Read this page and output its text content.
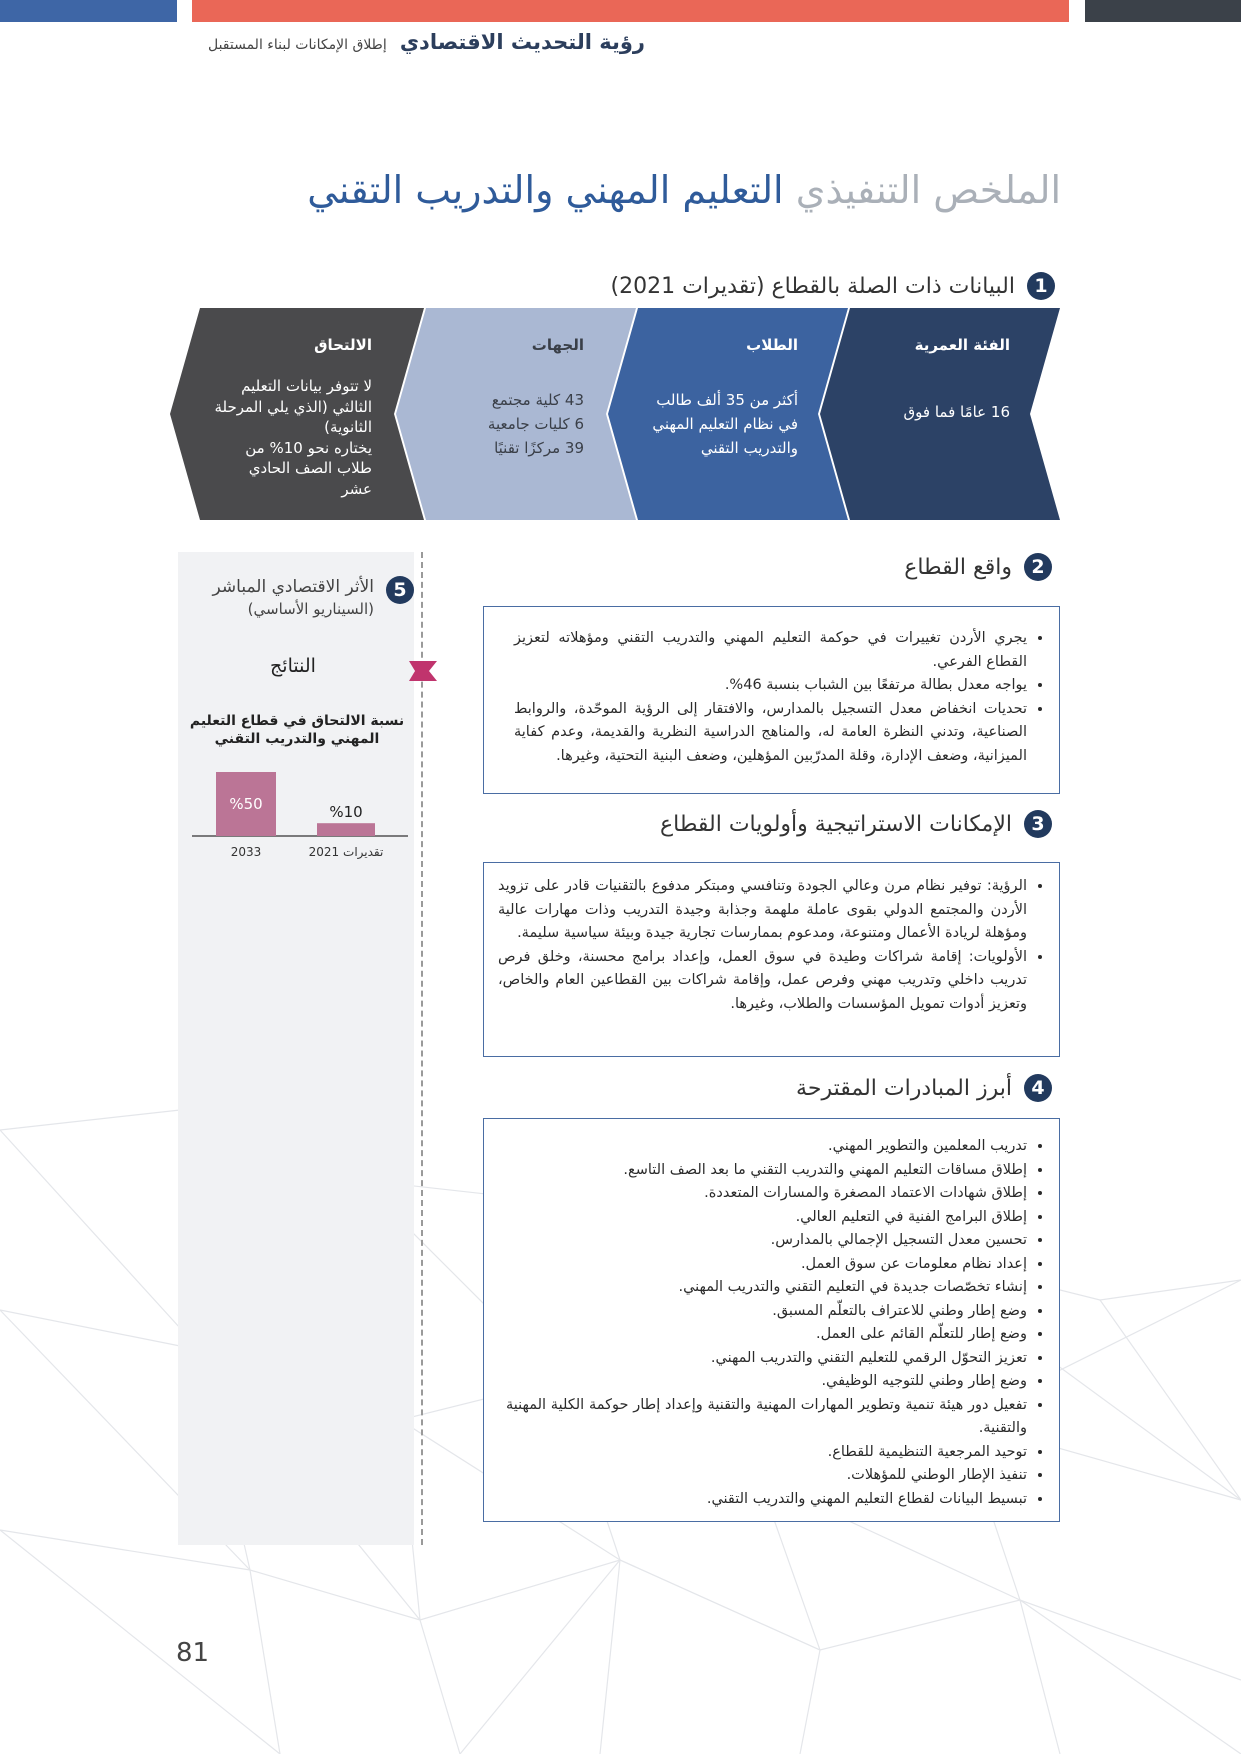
رؤية التحديث الاقتصادي إطلاق الإمكانات لبناء المستقبل
الملخص التنفيذي التعليم المهني والتدريب التقني
1
البيانات ذات الصلة بالقطاع (تقديرات 2021)
الفئة العمرية
16 عامًا فما فوق
الطلاب
أكثر من 35 ألف طالب
في نظام التعليم المهني
والتدريب التقني
الجهات
43 كلية مجتمع
6 كليات جامعية
39 مركزًا تقنيًا
الالتحاق
لا تتوفر بيانات التعليم
الثالثي (الذي يلي المرحلة
الثانوية)
يختاره نحو 10% من
طلاب الصف الحادي
عشر
5
الأثر الاقتصادي المباشر
(السيناريو الأساسي)
النتائج
نسبة الالتحاق في قطاع التعليم
المهني والتدريب التقني
%10
تقديرات 2021
%50
2033
2
واقع القطاع
• يجري الأردن تغييرات في حوكمة التعليم المهني والتدريب التقني ومؤهلاته لتعزيز القطاع الفرعي.
• يواجه معدل بطالة مرتفعًا بين الشباب بنسبة 46%.
• تحديات انخفاض معدل التسجيل بالمدارس، والافتقار إلى الرؤية الموحّدة، والروابط الصناعية، وتدني النظرة العامة له، والمناهج الدراسية النظرية والقديمة، وعدم كفاية الميزانية، وضعف الإدارة، وقلة المدرّبين المؤهلين، وضعف البنية التحتية، وغيرها.
3
الإمكانات الاستراتيجية وأولويات القطاع
• الرؤية: توفير نظام مرن وعالي الجودة وتنافسي ومبتكر مدفوع بالتقنيات قادر على تزويد الأردن والمجتمع الدولي بقوى عاملة ملهمة وجذابة وجيدة التدريب وذات مهارات عالية ومؤهلة لريادة الأعمال ومتنوعة، ومدعوم بممارسات تجارية جيدة وبيئة سياسية سليمة.
• الأولويات: إقامة شراكات وطيدة في سوق العمل، وإعداد برامج محسنة، وخلق فرص تدريب داخلي وتدريب مهني وفرص عمل، وإقامة شراكات بين القطاعين العام والخاص، وتعزيز أدوات تمويل المؤسسات والطلاب، وغيرها.
4
أبرز المبادرات المقترحة
• تدريب المعلمين والتطوير المهني.
• إطلاق مساقات التعليم المهني والتدريب التقني ما بعد الصف التاسع.
• إطلاق شهادات الاعتماد المصغرة والمسارات المتعددة.
• إطلاق البرامج الفنية في التعليم العالي.
• تحسين معدل التسجيل الإجمالي بالمدارس.
• إعداد نظام معلومات عن سوق العمل.
• إنشاء تخصّصات جديدة في التعليم التقني والتدريب المهني.
• وضع إطار وطني للاعتراف بالتعلّم المسبق.
• وضع إطار للتعلّم القائم على العمل.
• تعزيز التحوّل الرقمي للتعليم التقني والتدريب المهني.
• وضع إطار وطني للتوجيه الوظيفي.
• تفعيل دور هيئة تنمية وتطوير المهارات المهنية والتقنية وإعداد إطار حوكمة الكلية المهنية والتقنية.
• توحيد المرجعية التنظيمية للقطاع.
• تنفيذ الإطار الوطني للمؤهلات.
• تبسيط البيانات لقطاع التعليم المهني والتدريب التقني.
81
